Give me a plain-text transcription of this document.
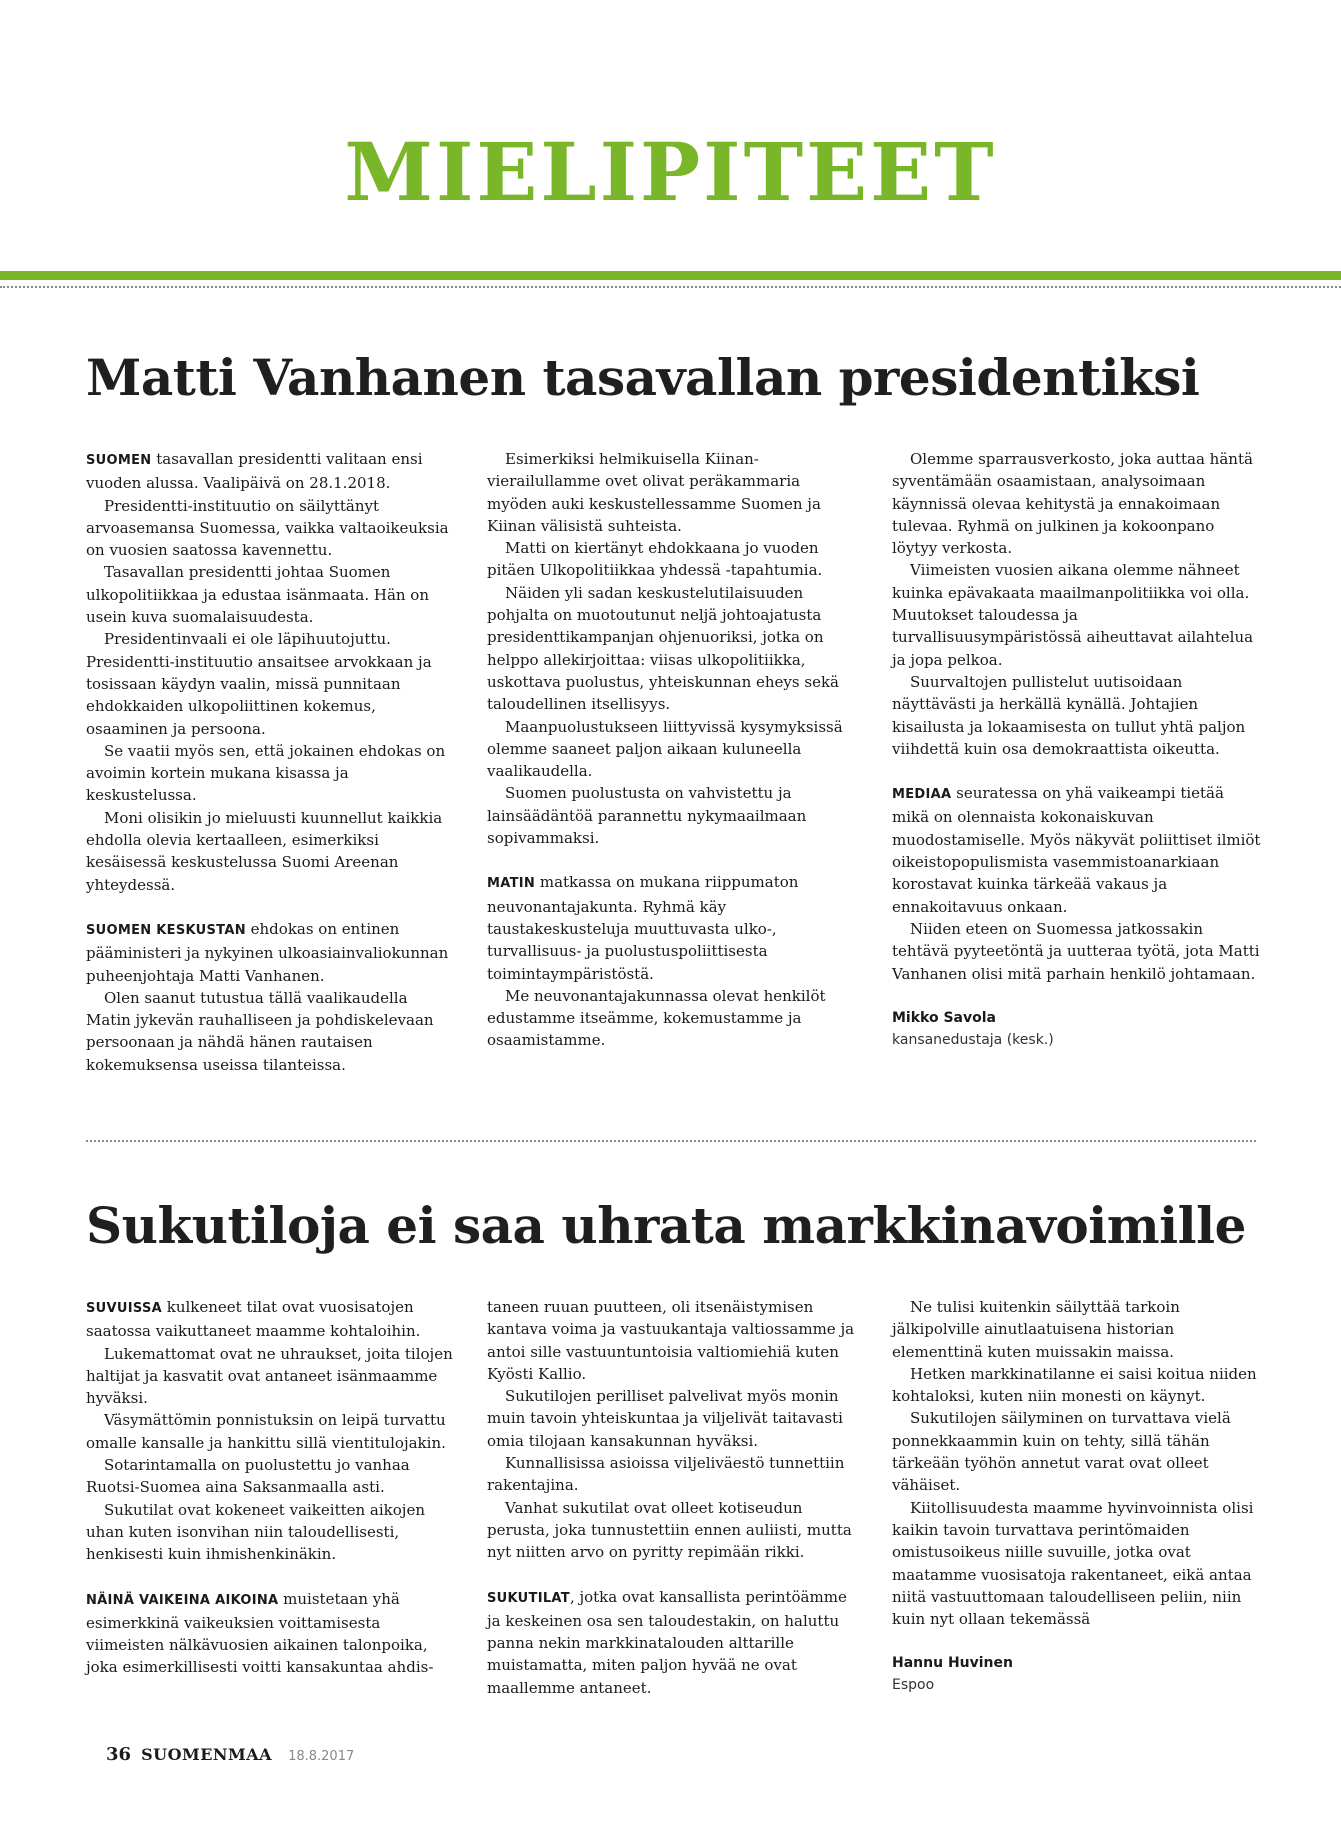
MIELIPITEET
Matti Vanhanen tasavallan presidentiksi

SUOMEN tasavallan presidentti valitaan ensi vuoden alussa. Vaalipäivä on 28.1.2018.

Presidentti-instituutio on säilyttänyt arvoasemansa Suomessa, vaikka valtaoikeuksia on vuosien saatossa kavennettu.

Tasavallan presidentti johtaa Suomen ulkopolitiikkaa ja edustaa isänmaata. Hän on usein kuva suomalaisuudesta.

Presidentinvaali ei ole läpihuutojuttu. Presidentti-instituutio ansaitsee arvokkaan ja tosissaan käydyn vaalin, missä punnitaan ehdokkaiden ulkopoliittinen kokemus, osaaminen ja persoona.

Se vaatii myös sen, että jokainen ehdokas on avoimin kortein mukana kisassa ja keskustelussa.

Moni olisikin jo mieluusti kuunnellut kaikkia ehdolla olevia kertaalleen, esimerkiksi kesäisessä keskustelussa Suomi Areenan yhteydessä.

SUOMEN KESKUSTAN ehdokas on entinen pääministeri ja nykyinen ulkoasiainvaliokunnan puheenjohtaja Matti Vanhanen.

Olen saanut tutustua tällä vaalikaudella Matin jykevän rauhalliseen ja pohdiskelevaan persoonaan ja nähdä hänen rautaisen kokemuksensa useissa tilanteissa.

Esimerkiksi helmikuisella Kiinan-vierailullamme ovet olivat peräkammaria myöden auki keskustellessamme Suomen ja Kiinan välisistä suhteista.

Matti on kiertänyt ehdokkaana jo vuoden pitäen Ulkopolitiikkaa yhdessä -tapahtumia.

Näiden yli sadan keskustelutilaisuuden pohjalta on muotoutunut neljä johtoajatusta presidenttikampanjan ohjenuoriksi, jotka on helppo allekirjoittaa: viisas ulkopolitiikka, uskottava puolustus, yhteiskunnan eheys sekä taloudellinen itsellisyys.

Maanpuolustukseen liittyvissä kysymyksissä olemme saaneet paljon aikaan kuluneella vaalikaudella.

Suomen puolustusta on vahvistettu ja lainsäädäntöä parannettu nykymaailmaan sopivammaksi.

MATIN matkassa on mukana riippumaton neuvonantajakunta. Ryhmä käy taustakeskusteluja muuttuvasta ulko-, turvallisuus- ja puolustuspoliittisesta toimintaympäristöstä.

Me neuvonantajakunnassa olevat henkilöt edustamme itseämme, kokemustamme ja osaamistamme.

Olemme sparrausverkosto, joka auttaa häntä syventämään osaamistaan, analysoimaan käynnissä olevaa kehitystä ja ennakoimaan tulevaa. Ryhmä on julkinen ja kokoonpano löytyy verkosta.

Viimeisten vuosien aikana olemme nähneet kuinka epävakaata maailmanpolitiikka voi olla. Muutokset taloudessa ja turvallisuusympäristössä aiheuttavat ailahtelua ja jopa pelkoa.

Suurvaltojen pullistelut uutisoidaan näyttävästi ja herkällä kynällä. Johtajien kisailusta ja lokaamisesta on tullut yhtä paljon viihdettä kuin osa demokraattista oikeutta.

MEDIAA seuratessa on yhä vaikeampi tietää mikä on olennaista kokonaiskuvan muodostamiselle. Myös näkyvät poliittiset ilmiöt oikeistopopulismista vasemmistoanarkiaan korostavat kuinka tärkeää vakaus ja ennakoitavuus onkaan.

Niiden eteen on Suomessa jatkossakin tehtävä pyyteetöntä ja uutteraa työtä, jota Matti Vanhanen olisi mitä parhain henkilö johtamaan.

Mikko Savola
kansanedustaja (kesk.)
Sukutiloja ei saa uhrata markkinavoimille

SUVUISSA kulkeneet tilat ovat vuosisatojen saatossa vaikuttaneet maamme kohtaloihin.

Lukemattomat ovat ne uhraukset, joita tilojen haltijat ja kasvatit ovat antaneet isänmaamme hyväksi.

Väsymättömin ponnistuksin on leipä turvattu omalle kansalle ja hankittu sillä vientitulojakin.

Sotarintamalla on puolustettu jo vanhaa Ruotsi-Suomea aina Saksanmaalla asti.

Sukutilat ovat kokeneet vaikeitten aikojen uhan kuten isonvihan niin taloudellisesti, henkisesti kuin ihmishenkinäkin.

NÄINÄ VAIKEINA AIKOINA muistetaan yhä esimerkkinä vaikeuksien voittamisesta viimeisten nälkävuosien aikainen talonpoika, joka esimerkillisesti voitti kansakuntaa ahdis-

taneen ruuan puutteen, oli itsenäistymisen kantava voima ja vastuukantaja valtiossamme ja antoi sille vastuuntuntoisia valtiomiehiä kuten Kyösti Kallio.

Sukutilojen perilliset palvelivat myös monin muin tavoin yhteiskuntaa ja viljelivät taitavasti omia tilojaan kansakunnan hyväksi.

Kunnallisissa asioissa viljeliväestö tunnettiin rakentajina.

Vanhat sukutilat ovat olleet kotiseudun perusta, joka tunnustettiin ennen auliisti, mutta nyt niitten arvo on pyritty repimään rikki.

SUKUTILAT, jotka ovat kansallista perintöämme ja keskeinen osa sen taloudestakin, on haluttu panna nekin markkinatalouden alttarille muistamatta, miten paljon hyvää ne ovat maallemme antaneet.

Ne tulisi kuitenkin säilyttää tarkoin jälkipolville ainutlaatuisena historian elementtinä kuten muissakin maissa.

Hetken markkinatilanne ei saisi koitua niiden kohtaloksi, kuten niin monesti on käynyt.

Sukutilojen säilyminen on turvattava vielä ponnekkaammin kuin on tehty, sillä tähän tärkeään työhön annetut varat ovat olleet vähäiset.

Kiitollisuudesta maamme hyvinvoinnista olisi kaikin tavoin turvattava perintömaiden omistusoikeus niille suvuille, jotka ovat maatamme vuosisatoja rakentaneet, eikä antaa niitä vastuuttomaan taloudelliseen peliin, niin kuin nyt ollaan tekemässä

Hannu Huvinen
Espoo
36 SUOMENMAA 18.8.2017
